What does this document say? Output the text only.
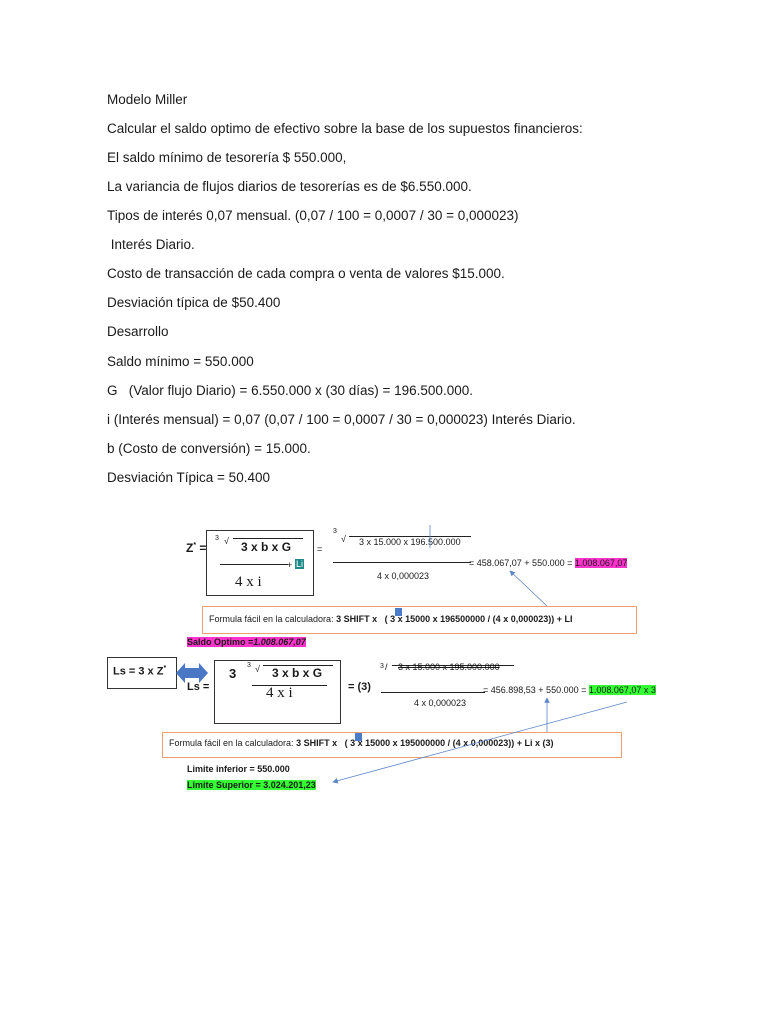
Modelo Miller
Calcular el saldo optimo de efectivo sobre la base de los supuestos financieros:
El saldo mínimo de tesorería $ 550.000,
La variancia de flujos diarios de tesorerías es de $6.550.000.
Tipos de interés 0,07 mensual. (0,07 / 100 = 0,0007 / 30 = 0,000023)
Interés Diario.
Costo de transacción de cada compra o venta de valores $15.000.
Desviación típica de $50.400
Desarrollo
Saldo mínimo = 550.000
G   (Valor flujo Diario) = 6.550.000 x (30 días) = 196.500.000.
i (Interés mensual) = 0,07 (0,07 / 100 = 0,0007 / 30 = 0,000023) Interés Diario.
b (Costo de conversión) = 15.000.
Desviación Típica = 50.400
Z* =
3 √ 3 x b x G
+ Li
4 x i
=
3
√ 3 x 15.000 x 196.500.000
4 x 0,000023
= 458.067,07 + 550.000 = 1.008.067,07
Formula fácil en la calculadora: 3 SHIFT x ( 3 x 15000 x 196500000 / (4 x 0,000023)) + LI
Saldo Optimo =1.008.067,07
Ls = 3 x Z*
Ls =
3
3 √ 3 x b x G
4 x i	= (3)
3 / 3 x 15.000 x 195.000.000
4 x 0,000023
= 456.898,53 + 550.000 = 1.008.067,07 x 3
Formula fácil en la calculadora: 3 SHIFT x ( 3 x 15000 x 195000000 / (4 x 0,000023)) + Li x (3)
Limite inferior = 550.000
Limite Superior = 3.024.201,23
